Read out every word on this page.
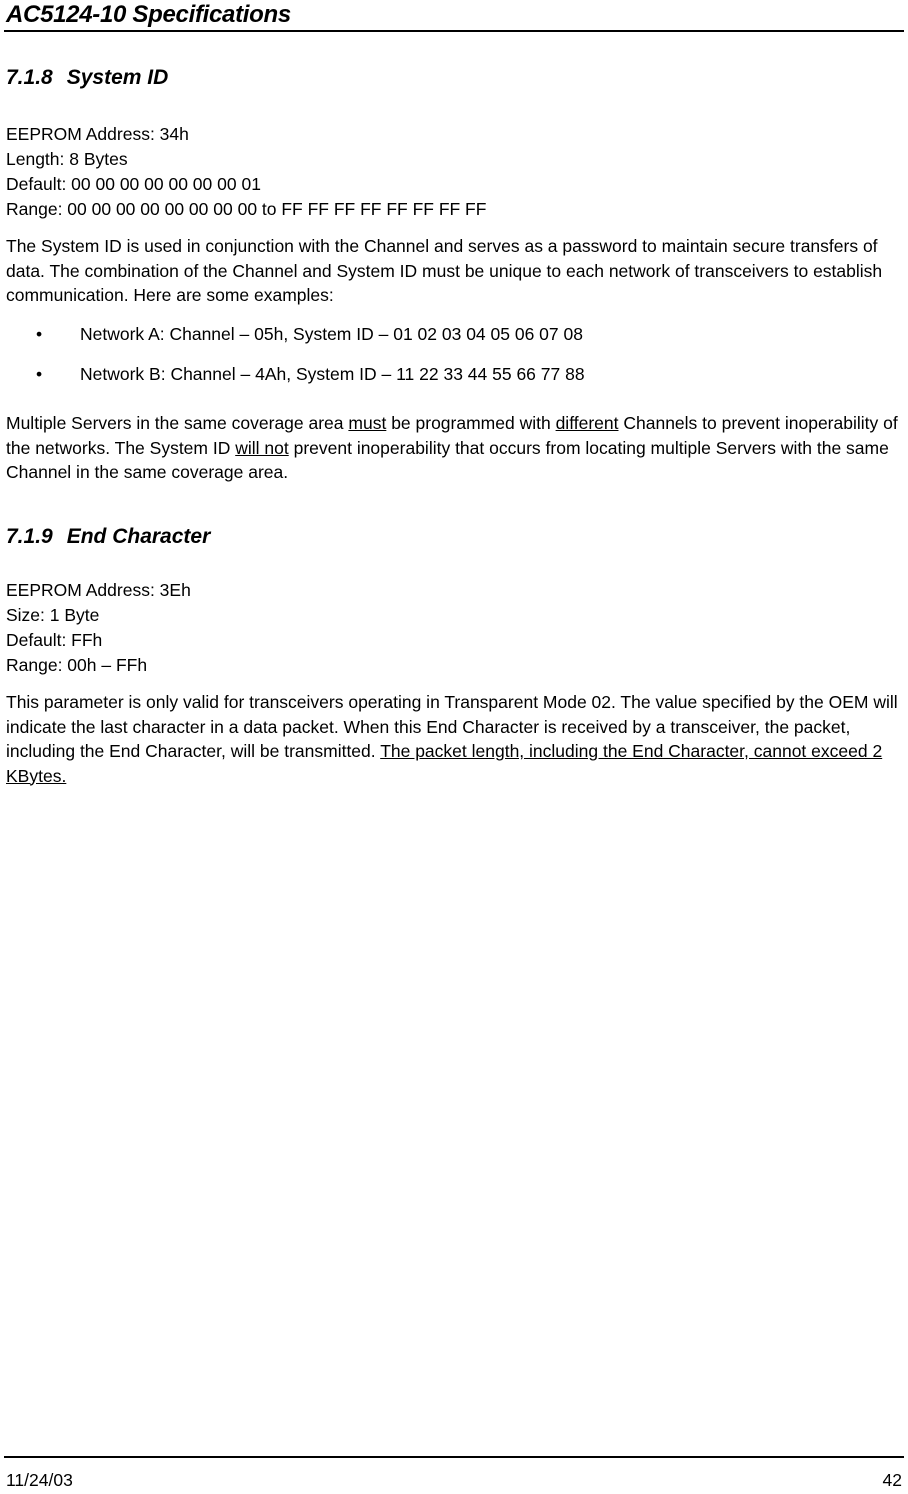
AC5124-10 Specifications
7.1.8 System ID
EEPROM Address: 34h
Length: 8 Bytes
Default: 00 00 00 00 00 00 00 01
Range: 00 00 00 00 00 00 00 00 to FF FF FF FF FF FF FF FF
The System ID is used in conjunction with the Channel and serves as a password to maintain secure transfers of data. The combination of the Channel and System ID must be unique to each network of transceivers to establish communication. Here are some examples:
• Network A: Channel – 05h, System ID – 01 02 03 04 05 06 07 08
• Network B: Channel – 4Ah, System ID – 11 22 33 44 55 66 77 88
Multiple Servers in the same coverage area must be programmed with different Channels to prevent inoperability of the networks. The System ID will not prevent inoperability that occurs from locating multiple Servers with the same Channel in the same coverage area.
7.1.9 End Character
EEPROM Address: 3Eh
Size: 1 Byte
Default: FFh
Range: 00h – FFh
This parameter is only valid for transceivers operating in Transparent Mode 02. The value specified by the OEM will indicate the last character in a data packet. When this End Character is received by a transceiver, the packet, including the End Character, will be transmitted. The packet length, including the End Character, cannot exceed 2 KBytes.
11/24/03	42
